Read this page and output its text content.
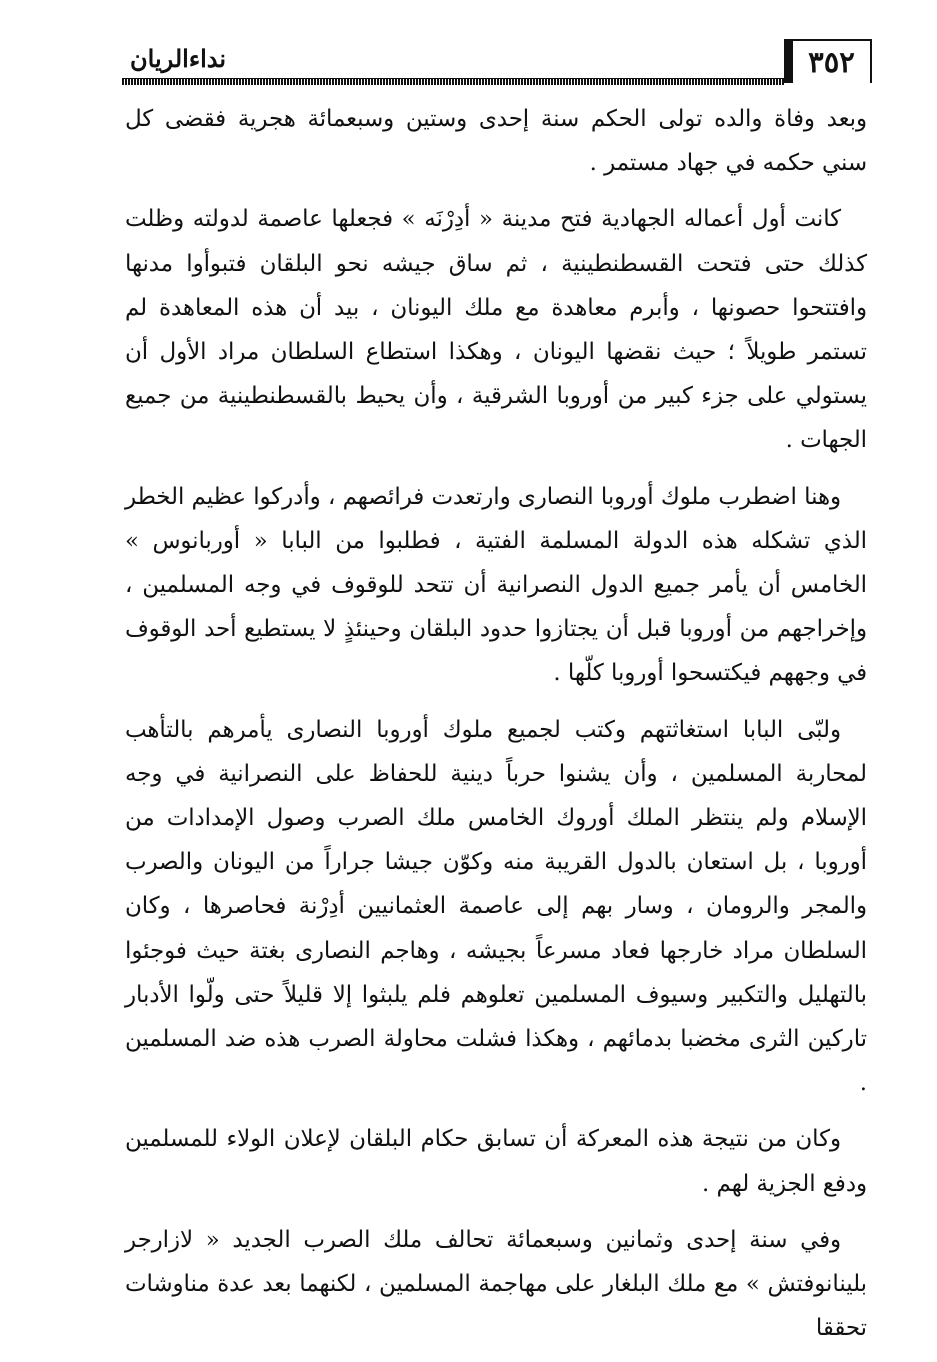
٣٥٢
نداءالريان

وبعد وفاة والده تولى الحكم سنة إحدى وستين وسبعمائة هجرية فقضى كل سني حكمه في جهاد مستمر .

كانت أول أعماله الجهادية فتح مدينة « أدِرْنَه » فجعلها عاصمة لدولته وظلت كذلك حتى فتحت القسطنطينية ، ثم ساق جيشه نحو البلقان فتبوأوا مدنها وافتتحوا حصونها ، وأبرم معاهدة مع ملك اليونان ، بيد أن هذه المعاهدة لم تستمر طويلاً ؛ حيث نقضها اليونان ، وهكذا استطاع السلطان مراد الأول أن يستولي على جزء كبير من أوروبا الشرقية ، وأن يحيط بالقسطنطينية من جميع الجهات .

وهنا اضطرب ملوك أوروبا النصارى وارتعدت فرائصهم ، وأدركوا عظيم الخطر الذي تشكله هذه الدولة المسلمة الفتية ، فطلبوا من البابا « أوربانوس » الخامس أن يأمر جميع الدول النصرانية أن تتحد للوقوف في وجه المسلمين ، وإخراجهم من أوروبا قبل أن يجتازوا حدود البلقان وحينئذٍ لا يستطيع أحد الوقوف في وجههم فيكتسحوا أوروبا كلّها .

ولبّى البابا استغاثتهم وكتب لجميع ملوك أوروبا النصارى يأمرهم بالتأهب لمحاربة المسلمين ، وأن يشنوا حرباً دينية للحفاظ على النصرانية في وجه الإسلام ولم ينتظر الملك أوروك الخامس ملك الصرب وصول الإمدادات من أوروبا ، بل استعان بالدول القريبة منه وكوّن جيشا جراراً من اليونان والصرب والمجر والرومان ، وسار بهم إلى عاصمة العثمانيين أدِرْنة فحاصرها ، وكان السلطان مراد خارجها فعاد مسرعاً بجيشه ، وهاجم النصارى بغتة حيث فوجئوا بالتهليل والتكبير وسيوف المسلمين تعلوهم فلم يلبثوا إلا قليلاً حتى ولّوا الأدبار تاركين الثرى مخضبا بدمائهم ، وهكذا فشلت محاولة الصرب هذه ضد المسلمين .

وكان من نتيجة هذه المعركة أن تسابق حكام البلقان لإعلان الولاء للمسلمين ودفع الجزية لهم .

وفي سنة إحدى وثمانين وسبعمائة تحالف ملك الصرب الجديد « لازارجر بلينانوفتش » مع ملك البلغار على مهاجمة المسلمين ، لكنهما بعد عدة مناوشات تحققا
